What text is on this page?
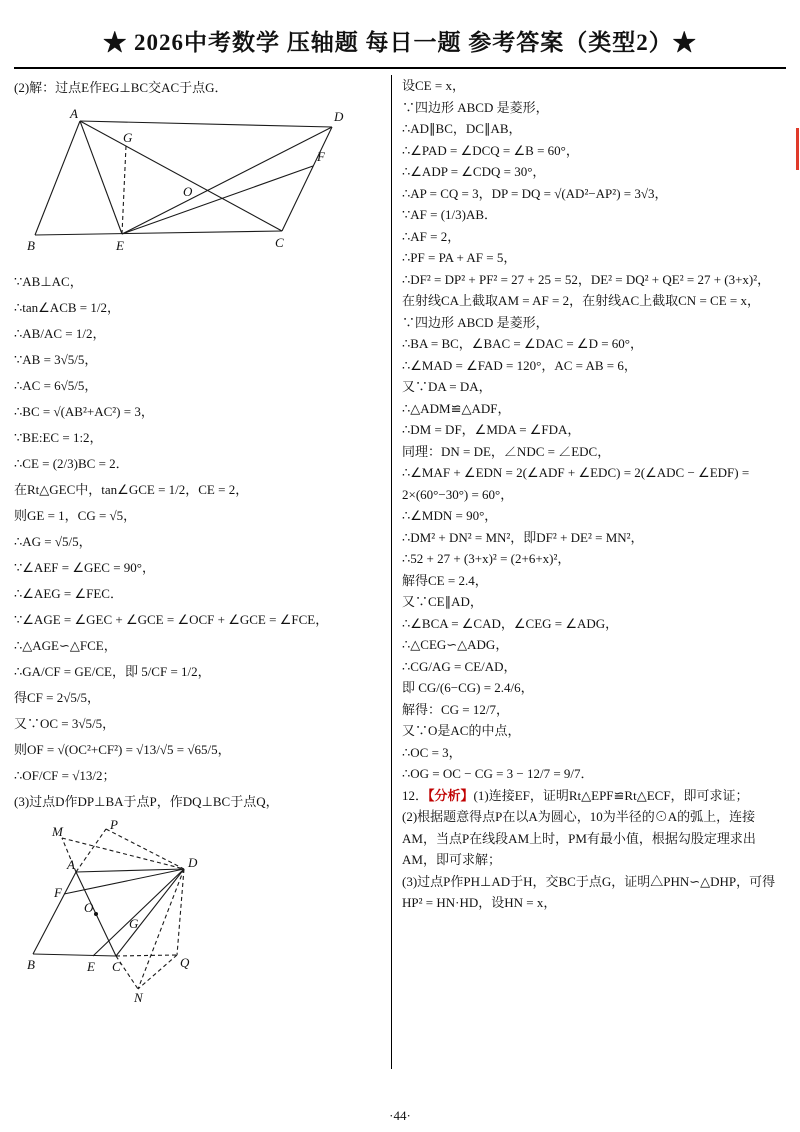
★ 2026中考数学 压轴题 每日一题 参考答案（类型2）★

(2)解：过点E作EG⊥BC交AC于点G．

A
B	C
D
E
F
G
O

∵AB⊥AC，

∴tan∠ACB = 1/2，

∴AB/AC = 1/2，

∵AB = 3√5/5，

∴AC = 6√5/5，

∴BC = √(AB²+AC²) = 3，

∵BE:EC = 1:2，

∴CE = (2/3)BC = 2．

在Rt△GEC中，tan∠GCE = 1/2，CE = 2，

则GE = 1，CG = √5，

∴AG = √5/5，

∵∠AEF = ∠GEC = 90°，

∴∠AEG = ∠FEC．

∵∠AGE = ∠GEC + ∠GCE = ∠OCF + ∠GCE = ∠FCE，

∴△AGE∽△FCE，

∴GA/CF = GE/CE，即 5/CF = 1/2，

得CF = 2√5/5，

又∵OC = 3√5/5，

则OF = √(OC²+CF²) = √13/√5 = √65/5，

∴OF/CF = √13/2；

(3)过点D作DP⊥BA于点P，作DQ⊥BC于点Q，

M	P
A	D
F
O
G
B	E C	Q
N

设CE = x，

∵四边形 ABCD 是菱形，

∴AD∥BC，DC∥AB，

∴∠PAD = ∠DCQ = ∠B = 60°，

∴∠ADP = ∠CDQ = 30°，

∴AP = CQ = 3，DP = DQ = √(AD²−AP²) = 3√3，

∵AF = (1/3)AB．

∴AF = 2，

∴PF = PA + AF = 5，

∴DF² = DP² + PF² = 27 + 25 = 52，DE² = DQ² + QE² = 27 + (3+x)²，

在射线CA上截取AM = AF = 2，在射线AC上截取CN = CE = x，

∵四边形 ABCD 是菱形，

∴BA = BC，∠BAC = ∠DAC = ∠D = 60°，

∴∠MAD = ∠FAD = 120°，AC = AB = 6，

又∵DA = DA，

∴△ADM≌△ADF，

∴DM = DF，∠MDA = ∠FDA，

同理：DN = DE，∠NDC = ∠EDC，

∴∠MAF + ∠EDN = 2(∠ADF + ∠EDC) = 2(∠ADC − ∠EDF) = 2×(60°−30°) = 60°，

∴∠MDN = 90°，

∴DM² + DN² = MN²，即DF² + DE² = MN²，

∴52 + 27 + (3+x)² = (2+6+x)²，

解得CE = 2.4，

又∵CE∥AD，

∴∠BCA = ∠CAD，∠CEG = ∠ADG，

∴△CEG∽△ADG，

∴CG/AG = CE/AD，

即 CG/(6−CG) = 2.4/6，

解得：CG = 12/7，

又∵O是AC的中点，

∴OC = 3，

∴OG = OC − CG = 3 − 12/7 = 9/7．

12．【分析】(1)连接EF，证明Rt△EPF≌Rt△ECF，即可求证；

(2)根据题意得点P在以A为圆心，10为半径的⊙A的弧上，连接AM，当点P在线段AM上时，PM有最小值，根据勾股定理求出AM，即可求解；

(3)过点P作PH⊥AD于H，交BC于点G，证明△PHN∽△DHP，可得HP² = HN·HD，设HN = x，

·44·
